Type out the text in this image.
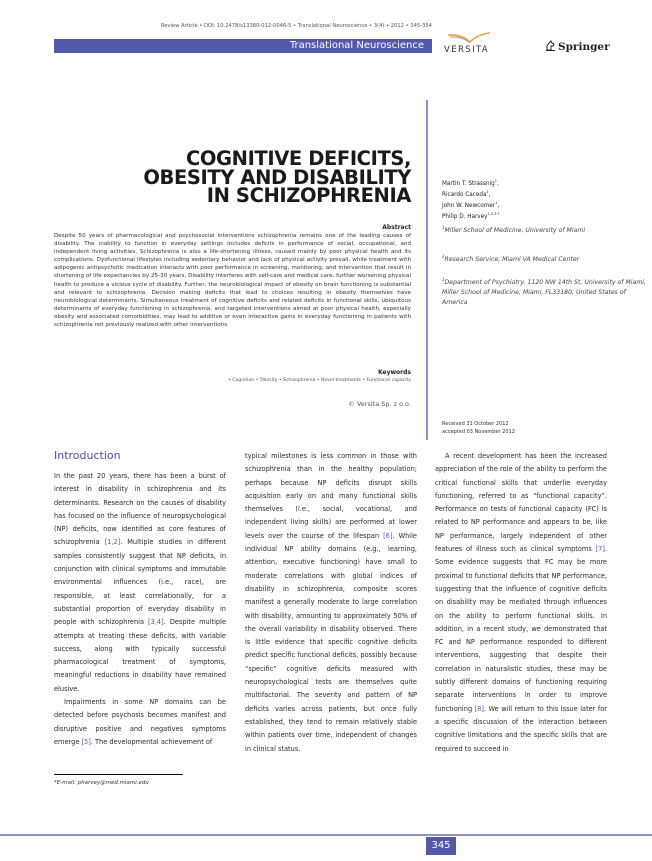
Review Article • DOI: 10.2478/s13380-012-0046-5 • Translational Neuroscience • 3(4) • 2012 • 345-354
Translational Neuroscience VERSITA	Springer
COGNITIVE DEFICITS,
OBESITY AND DISABILITY
IN SCHIZOPHRENIA
Abstract
Despite 50 years of pharmacological and psychosocial interventions schizophrenia remains one of the leading causes of disability. The inability to function in everyday settings includes deficits in performance of social, occupational, and independent living activities. Schizophrenia is also a life-shortening illness, caused mainly by poor physical health and its complications. Dysfunctional lifestyles including sedentary behavior and lack of physical activity prevail, while treatment with adipogenic antipsychotic medication interacts with poor performance in screening, monitoring, and intervention that result in shortening of life expectancies by 25-30 years. Disability interferes with self-care and medical care, further worsening physical health to produce a vicious cycle of disability. Further, the neurobiological impact of obesity on brain functioning is substantial and relevant to schizophrenia. Decision making deficits that lead to choices resulting in obesity themselves have neurobiological determinants. Simultaneous treatment of cognitive deficits and related deficits in functional skills, ubiquitous determinants of everyday functioning in schizophrenia, and targeted interventions aimed at poor physical health, especially obesity and associated comorbidities, may lead to additive or even interactive gains in everyday functioning in patients with schizophrenia not previously realized with other interventions.
Keywords
• Cognition • Obesity • Schizophrenia • Novel treatments • Functional capacity
© Versita Sp. z o.o.
Martin T. Strassnig$^1$,
Ricardo Caceda$^1$,
John W. Newcomer$^1$,
Philip D. Harvey$^{1,2,3 *}$
$^1$Miller School of Medicine, University of Miami
$^2$Research Service, Miami VA Medical Center
$^3$Department of Psychiatry, 1120 NW 14th St, University of Miami, Miller School of Medicine, Miami, FL33180, United States of America
Received 31 October 2012
accepted 03 November 2012
Introduction

In the past 20 years, there has been a burst of interest in disability in schizophrenia and its determinants. Research on the causes of disability has focused on the influence of neuropsychological (NP) deficits, now identified as core features of schizophrenia [1,2]. Multiple studies in different samples consistently suggest that NP deficits, in conjunction with clinical symptoms and immutable environmental influences (i.e., race), are responsible, at least correlationally, for a substantial proportion of everyday disability in people with schizophrenia [3,4]. Despite multiple attempts at treating these deficits, with variable success, along with typically successful pharmacological treatment of symptoms, meaningful reductions in disability have remained elusive.

Impairments in some NP domains can be detected before psychosis becomes manifest and disruptive positive and negatives symptoms emerge [5]. The developmental achievement of

typical milestones is less common in those with schizophrenia than in the healthy population; perhaps because NP deficits disrupt skills acquisition early on and many functional skills themselves (i.e., social, vocational, and independent living skills) are performed at lower levels over the course of the lifespan [6]. While individual NP ability domains (e.g., learning, attention, executive functioning) have small to moderate correlations with global indices of disability in schizophrenia, composite scores manifest a generally moderate to large correlation with disability, amounting to approximately 50% of the overall variability in disability observed. There is little evidence that specific cognitive deficits predict specific functional deficits, possibly because “specific” cognitive deficits measured with neuropsychological tests are themselves quite multifactorial. The severity and pattern of NP deficits varies across patients, but once fully established, they tend to remain relatively stable within patients over time, independent of changes in clinical status.

A recent development has been the increased appreciation of the role of the ability to perform the critical functional skills that underlie everyday functioning, referred to as “functional capacity”. Performance on tests of functional capacity (FC) is related to NP performance and appears to be, like NP performance, largely independent of other features of illness such as clinical symptoms [7]. Some evidence suggests that FC may be more proximal to functional deficits that NP performance, suggesting that the influence of cognitive deficits on disability may be mediated through influences on the ability to perform functional skills. In addition, in a recent study, we demonstrated that FC and NP performance responded to different interventions, suggesting that despite their correlation in naturalistic studies, these may be subtly different domains of functioning requiring separate interventions in order to improve functioning [8]. We will return to this issue later for a specific discussion of the interaction between cognitive limitations and the specific skills that are required to succeed in

*E-mail: pharvey@med.miami.edu
345
